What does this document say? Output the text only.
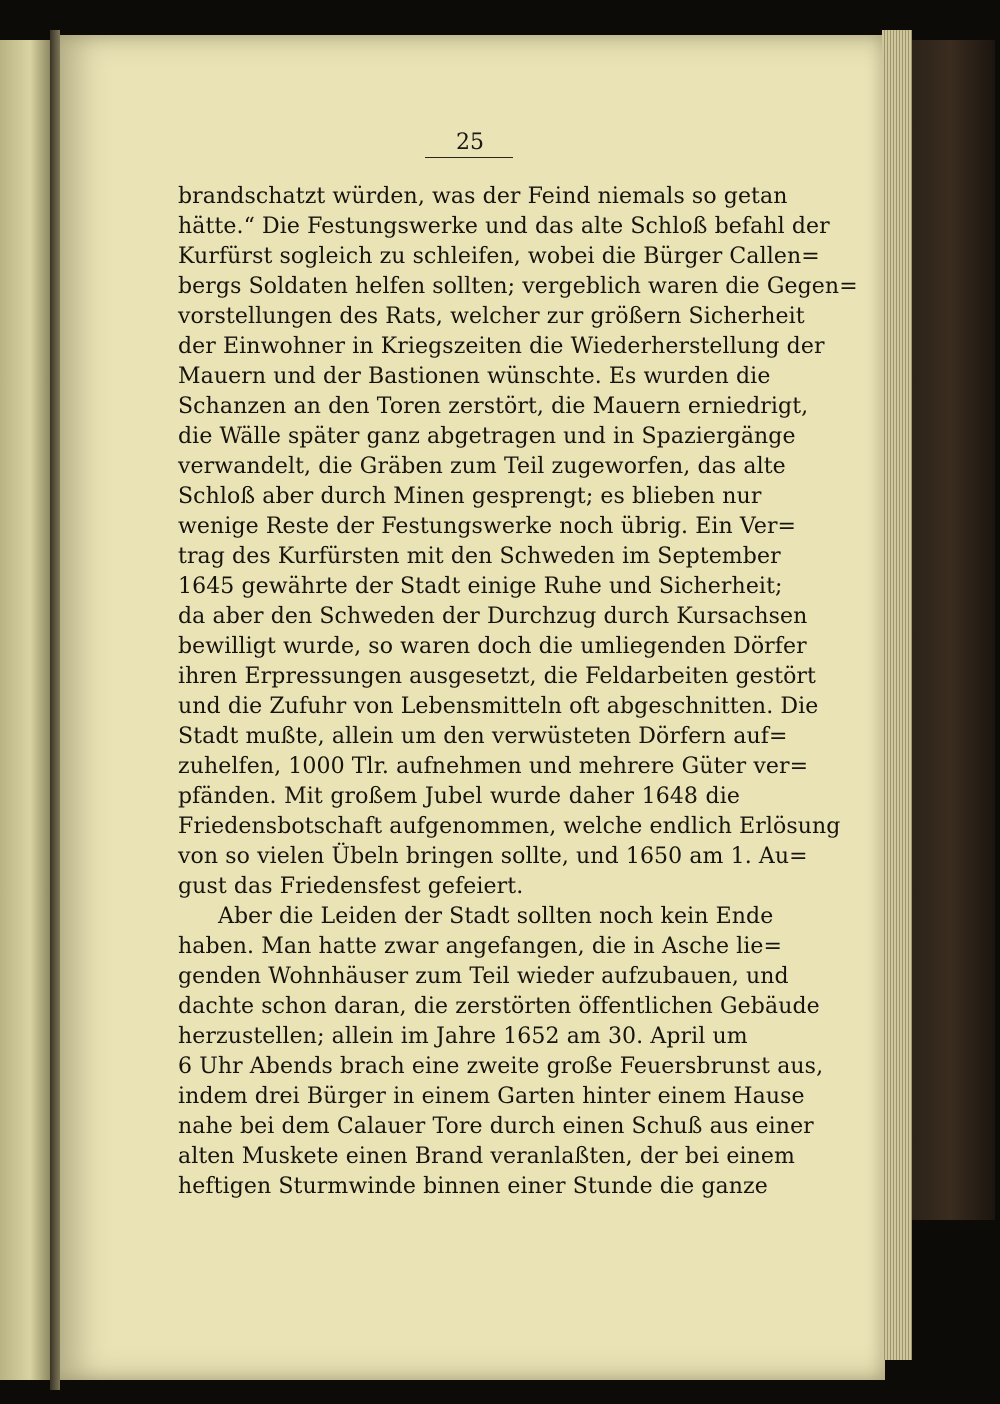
25
brandschatzt würden, was der Feind niemals so getan
hätte.“ Die Festungswerke und das alte Schloß befahl der
Kurfürst sogleich zu schleifen, wobei die Bürger Callen=
bergs Soldaten helfen sollten; vergeblich waren die Gegen=
vorstellungen des Rats, welcher zur größern Sicherheit
der Einwohner in Kriegszeiten die Wiederherstellung der
Mauern und der Bastionen wünschte. Es wurden die
Schanzen an den Toren zerstört, die Mauern erniedrigt,
die Wälle später ganz abgetragen und in Spaziergänge
verwandelt, die Gräben zum Teil zugeworfen, das alte
Schloß aber durch Minen gesprengt; es blieben nur
wenige Reste der Festungswerke noch übrig. Ein Ver=
trag des Kurfürsten mit den Schweden im September
1645 gewährte der Stadt einige Ruhe und Sicherheit;
da aber den Schweden der Durchzug durch Kursachsen
bewilligt wurde, so waren doch die umliegenden Dörfer
ihren Erpressungen ausgesetzt, die Feldarbeiten gestört
und die Zufuhr von Lebensmitteln oft abgeschnitten. Die
Stadt mußte, allein um den verwüsteten Dörfern auf=
zuhelfen, 1000 Tlr. aufnehmen und mehrere Güter ver=
pfänden. Mit großem Jubel wurde daher 1648 die
Friedensbotschaft aufgenommen, welche endlich Erlösung
von so vielen Übeln bringen sollte, und 1650 am 1. Au=
gust das Friedensfest gefeiert.
Aber die Leiden der Stadt sollten noch kein Ende
haben. Man hatte zwar angefangen, die in Asche lie=
genden Wohnhäuser zum Teil wieder aufzubauen, und
dachte schon daran, die zerstörten öffentlichen Gebäude
herzustellen; allein im Jahre 1652 am 30. April um
6 Uhr Abends brach eine zweite große Feuersbrunst aus,
indem drei Bürger in einem Garten hinter einem Hause
nahe bei dem Calauer Tore durch einen Schuß aus einer
alten Muskete einen Brand veranlaßten, der bei einem
heftigen Sturmwinde binnen einer Stunde die ganze
